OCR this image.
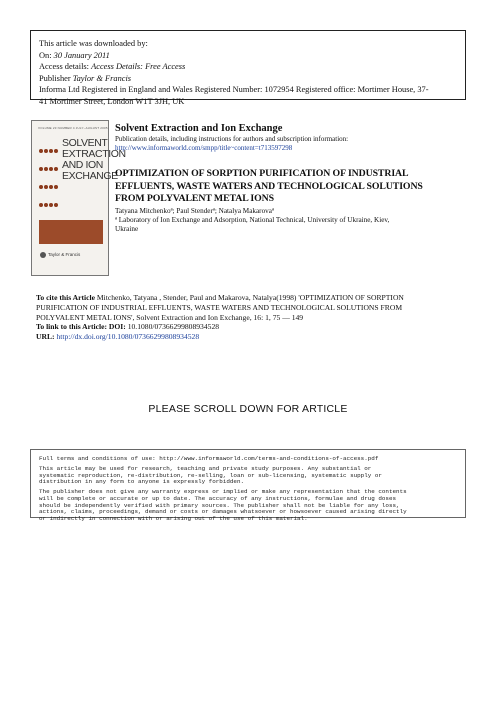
This article was downloaded by:
On: 30 January 2011
Access details: Access Details: Free Access
Publisher Taylor & Francis
Informa Ltd Registered in England and Wales Registered Number: 1072954 Registered office: Mortimer House, 37-
41 Mortimer Street, London W1T 3JH, UK
VOLUME 23 NUMBER 4 JULY–AUGUST 2005
SOLVENT
EXTRACTION
AND ION
EXCHANGE
Taylor & Francis
Solvent Extraction and Ion Exchange
Publication details, including instructions for authors and subscription information:
http://www.informaworld.com/smpp/title~content=t713597298
OPTIMIZATION OF SORPTION PURIFICATION OF INDUSTRIAL
EFFLUENTS, WASTE WATERS AND TECHNOLOGICAL SOLUTIONS
FROM POLYVALENT METAL IONS
Tatyana Mitchenkoª; Paul Stenderª; Natalya Makarovaª
ª Laboratory of Ion Exchange and Adsorption, National Technical, University of Ukraine, Kiev,
Ukraine
To cite this Article Mitchenko, Tatyana , Stender, Paul and Makarova, Natalya(1998) 'OPTIMIZATION OF SORPTION
PURIFICATION OF INDUSTRIAL EFFLUENTS, WASTE WATERS AND TECHNOLOGICAL SOLUTIONS FROM
POLYVALENT METAL IONS', Solvent Extraction and Ion Exchange, 16: 1, 75 — 149
To link to this Article: DOI: 10.1080/07366299808934528
URL: http://dx.doi.org/10.1080/07366299808934528
PLEASE SCROLL DOWN FOR ARTICLE

Full terms and conditions of use: http://www.informaworld.com/terms-and-conditions-of-access.pdf

This article may be used for research, teaching and private study purposes. Any substantial or
systematic reproduction, re-distribution, re-selling, loan or sub-licensing, systematic supply or
distribution in any form to anyone is expressly forbidden.

The publisher does not give any warranty express or implied or make any representation that the contents
will be complete or accurate or up to date. The accuracy of any instructions, formulae and drug doses
should be independently verified with primary sources. The publisher shall not be liable for any loss,
actions, claims, proceedings, demand or costs or damages whatsoever or howsoever caused arising directly
or indirectly in connection with or arising out of the use of this material.
